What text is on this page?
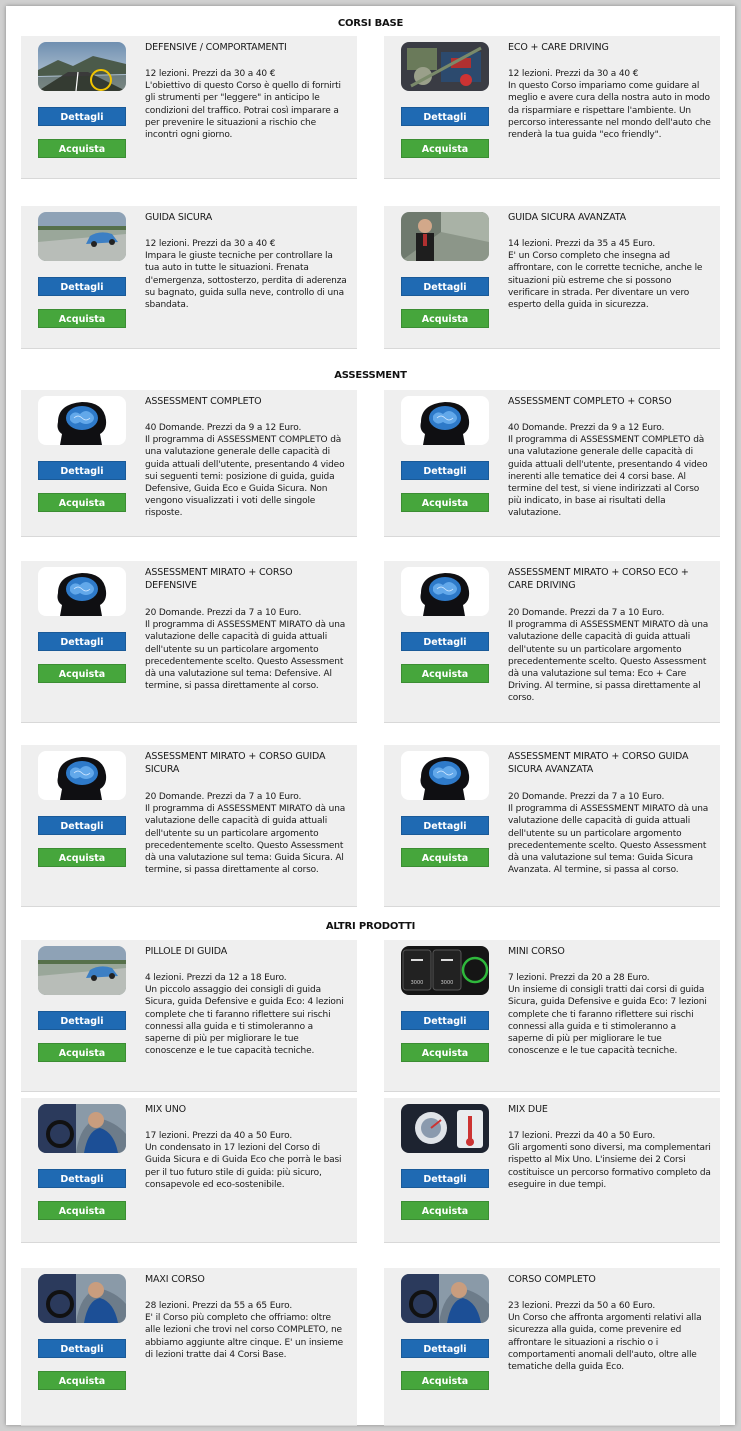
CORSI BASE
ASSESSMENT
ALTRI PRODOTTI
Dettagli
Acquista
DEFENSIVE / COMPORTAMENTI
12 lezioni. Prezzi da 30 a 40 €
L'obiettivo di questo Corso è quello di fornirti gli strumenti per "leggere" in anticipo le condizioni del traffico. Potrai così imparare a per prevenire le situazioni a rischio che incontri ogni giorno.
Dettagli
Acquista
ECO + CARE DRIVING
12 lezioni. Prezzi da 30 a 40 €
In questo Corso impariamo come guidare al meglio e avere cura della nostra auto in modo da risparmiare e rispettare l'ambiente. Un percorso interessante nel mondo dell'auto che renderà la tua guida "eco friendly".
Dettagli
Acquista
GUIDA SICURA
12 lezioni. Prezzi da 30 a 40 €
Impara le giuste tecniche per controllare la tua auto in tutte le situazioni. Frenata d'emergenza, sottosterzo, perdita di aderenza su bagnato, guida sulla neve, controllo di una sbandata.
Dettagli
Acquista
GUIDA SICURA AVANZATA
14 lezioni. Prezzi da 35 a 45 Euro.
E' un Corso completo che insegna ad affrontare, con le corrette tecniche, anche le situazioni più estreme che si possono verificare in strada. Per diventare un vero esperto della guida in sicurezza.
Dettagli
Acquista
ASSESSMENT COMPLETO
40 Domande. Prezzi da 9 a 12 Euro.
Il programma di ASSESSMENT COMPLETO dà una valutazione generale delle capacità di guida attuali dell'utente, presentando 4 video sui seguenti temi: posizione di guida, guida Defensive, Guida Eco e Guida Sicura. Non vengono visualizzati i voti delle singole risposte.
Dettagli
Acquista
ASSESSMENT COMPLETO + CORSO
40 Domande. Prezzi da 9 a 12 Euro.
Il programma di ASSESSMENT COMPLETO dà una valutazione generale delle capacità di guida attuali dell'utente, presentando 4 video inerenti alle tematice dei 4 corsi base. Al termine del test, si viene indirizzati al Corso più indicato, in base ai risultati della valutazione.
Dettagli
Acquista
ASSESSMENT MIRATO + CORSO DEFENSIVE
20 Domande. Prezzi da 7 a 10 Euro.
Il programma di ASSESSMENT MIRATO dà una valutazione delle capacità di guida attuali dell'utente su un particolare argomento precedentemente scelto. Questo Assessment dà una valutazione sul tema: Defensive. Al termine, si passa direttamente al corso.
Dettagli
Acquista
ASSESSMENT MIRATO + CORSO ECO + CARE DRIVING
20 Domande. Prezzi da 7 a 10 Euro.
Il programma di ASSESSMENT MIRATO dà una valutazione delle capacità di guida attuali dell'utente su un particolare argomento precedentemente scelto. Questo Assessment dà una valutazione sul tema: Eco + Care Driving. Al termine, si passa direttamente al corso.
Dettagli
Acquista
ASSESSMENT MIRATO + CORSO GUIDA SICURA
20 Domande. Prezzi da 7 a 10 Euro.
Il programma di ASSESSMENT MIRATO dà una valutazione delle capacità di guida attuali dell'utente su un particolare argomento precedentemente scelto. Questo Assessment dà una valutazione sul tema: Guida Sicura. Al termine, si passa direttamente al corso.
Dettagli
Acquista
ASSESSMENT MIRATO + CORSO GUIDA SICURA AVANZATA
20 Domande. Prezzi da 7 a 10 Euro.
Il programma di ASSESSMENT MIRATO dà una valutazione delle capacità di guida attuali dell'utente su un particolare argomento precedentemente scelto. Questo Assessment dà una valutazione sul tema: Guida Sicura Avanzata. Al termine, si passa al corso.
Dettagli
Acquista
PILLOLE DI GUIDA
4 lezioni. Prezzi da 12 a 18 Euro.
Un piccolo assaggio dei consigli di guida Sicura, guida Defensive e guida Eco: 4 lezioni complete che ti faranno riflettere sui rischi connessi alla guida e ti stimoleranno a saperne di più per migliorare le tue conoscenze e le tue capacità tecniche.
3000	3000
Dettagli
Acquista
MINI CORSO
7 lezioni. Prezzi da 20 a 28 Euro.
Un insieme di consigli tratti dai corsi di guida Sicura, guida Defensive e guida Eco: 7 lezioni complete che ti faranno riflettere sui rischi connessi alla guida e ti stimoleranno a saperne di più per migliorare le tue conoscenze e le tue capacità tecniche.
Dettagli
Acquista
MIX UNO
17 lezioni. Prezzi da 40 a 50 Euro.
Un condensato in 17 lezioni del Corso di Guida Sicura e di Guida Eco che porrà le basi per il tuo futuro stile di guida: più sicuro, consapevole ed eco-sostenibile.	Dettagli
Acquista
MIX DUE
17 lezioni. Prezzi da 40 a 50 Euro.
Gli argomenti sono diversi, ma complementari rispetto al Mix Uno. L'insieme dei 2 Corsi costituisce un percorso formativo completo da eseguire in due tempi.
Dettagli
Acquista
MAXI CORSO
28 lezioni. Prezzi da 55 a 65 Euro.
E' il Corso più completo che offriamo: oltre alle lezioni che trovi nel corso COMPLETO, ne abbiamo aggiunte altre cinque. E' un insieme di lezioni tratte dai 4 Corsi Base.	Dettagli
Acquista
CORSO COMPLETO
23 lezioni. Prezzi da 50 a 60 Euro.
Un Corso che affronta argomenti relativi alla sicurezza alla guida, come prevenire ed affrontare le situazioni a rischio o i comportamenti anomali dell'auto, oltre alle tematiche della guida Eco.
